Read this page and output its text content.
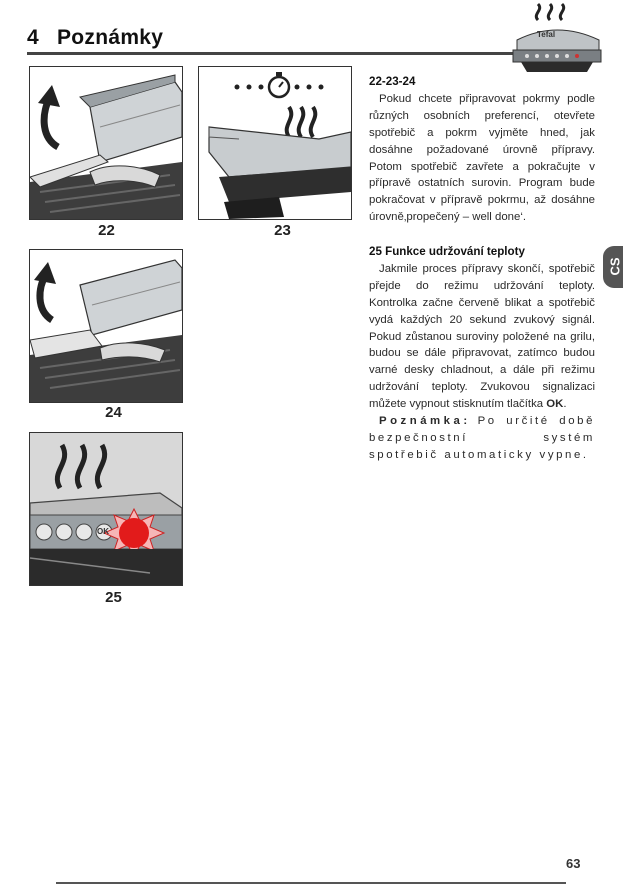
4 Poznámky	Tefal
22	23
24
OK
25
CS

22-23-24

Pokud chcete připravovat pokrmy podle různých osobních preferencí, otevřete spotřebič a pokrm vyjměte hned, jak dosáhne požadované úrovně přípravy. Potom spotřebič zavřete a pokračujte v přípravě ostatních surovin. Program bude pokračovat v přípravě pokrmu, až dosáhne úrovně‚propečený – well done‘.

25 Funkce udržování teploty

Jakmile proces přípravy skončí, spotřebič přejde do režimu udržování teploty. Kontrolka začne červeně blikat a spotřebič vydá každých 20 sekund zvukový signál. Pokud zůstanou suroviny položené na grilu, budou se dále připravovat, zatímco budou varné desky chladnout, a dále při režimu udržování teploty. Zvukovou signalizaci můžete vypnout stisknutím tlačítka OK.

Poznámka: Po určité době bezpečnostní systém spotřebič automaticky vypne.

63
